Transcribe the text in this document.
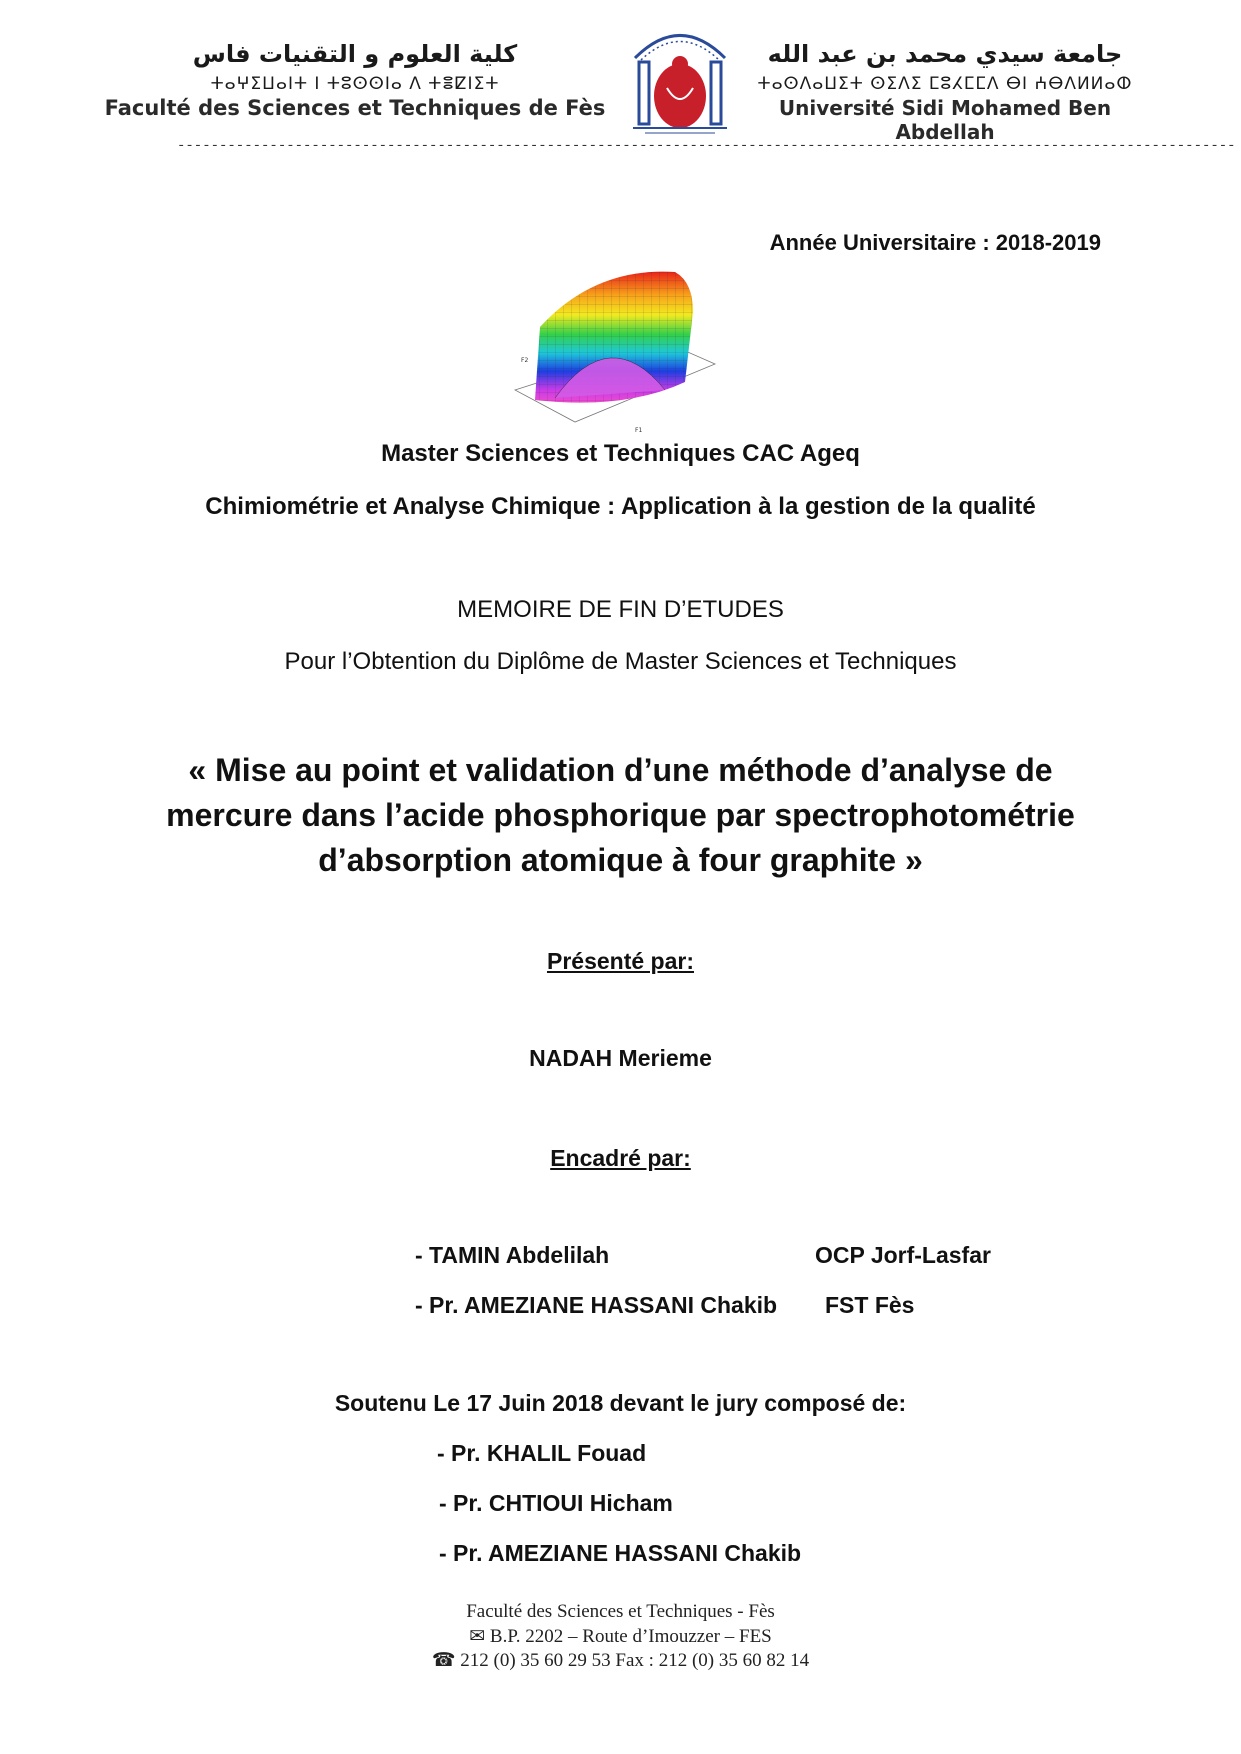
كلية العلوم و التقنيات فاس
ⵜⴰⵖⵉⵡⴰⵏⵜ ⵏ ⵜⵓⵙⵙⵏⴰ ⴷ ⵜⴻⵇⵏⵉⵜ
Faculté des Sciences et Techniques de Fès
جامعة سيدي محمد بن عبد الله
ⵜⴰⵙⴷⴰⵡⵉⵜ ⵙⵉⴷⵉ ⵎⵓⵃⵎⵎⴷ ⴱⵏ ⵄⴱⴷⵍⵍⴰⵀ
Université Sidi Mohamed Ben Abdellah
------------------------------------------------------------------------------------------------------------------------------
Année Universitaire : 2018-2019
F2
F1
Master Sciences et Techniques CAC Ageq
Chimiométrie et Analyse Chimique : Application à la gestion de la qualité
MEMOIRE DE FIN D’ETUDES
Pour l’Obtention du Diplôme de Master Sciences et Techniques
« Mise au point et validation d’une méthode d’analyse de
mercure dans l’acide phosphorique par spectrophotométrie
d’absorption atomique à four graphite »
Présenté par:
NADAH Merieme
Encadré par:
- TAMIN Abdelilah	OCP Jorf-Lasfar
- Pr. AMEZIANE HASSANI Chakib FST Fès
Soutenu Le 17 Juin 2018 devant le jury composé de:
- Pr. KHALIL Fouad
- Pr. CHTIOUI Hicham
- Pr. AMEZIANE HASSANI Chakib
Faculté des Sciences et Techniques - Fès
✉ B.P. 2202 – Route d’Imouzzer – FES
☎ 212 (0) 35 60 29 53 Fax : 212 (0) 35 60 82 14
